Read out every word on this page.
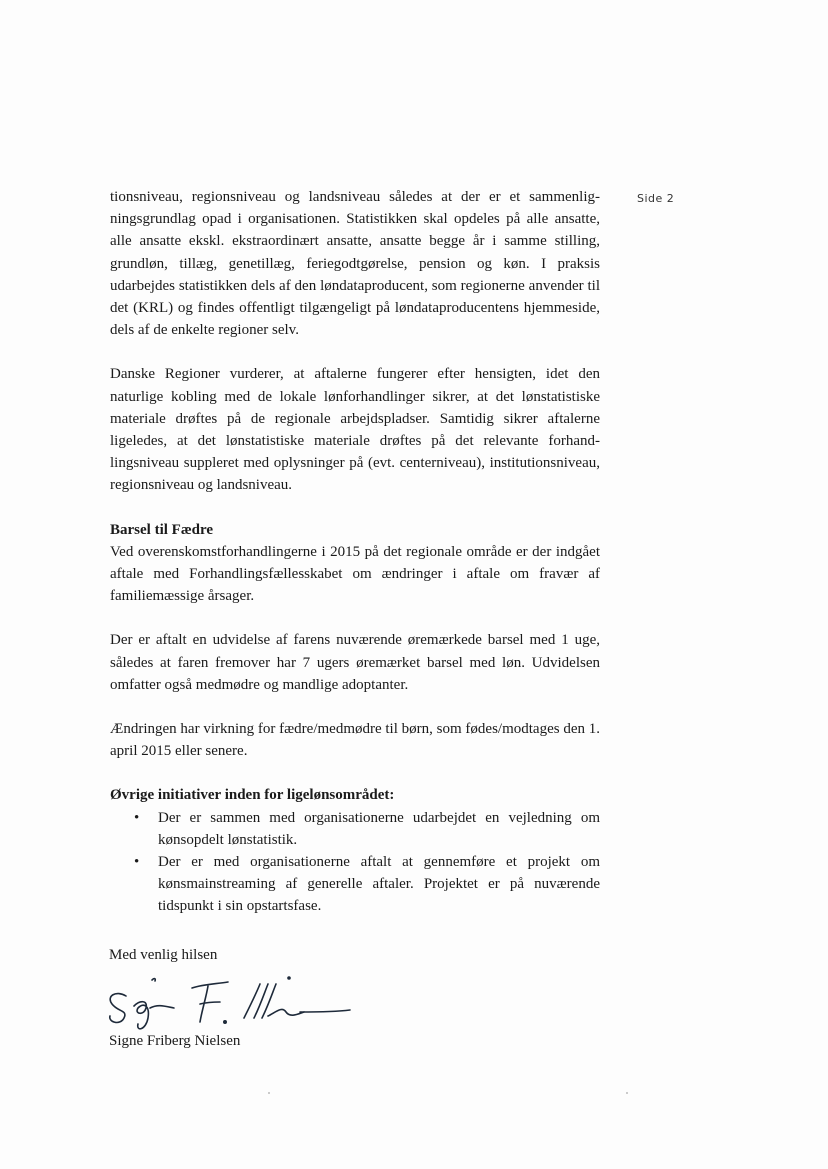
Side 2

tionsniveau, regionsniveau og landsniveau således at der er et sammenligningsgrundlag opad i organisationen. Statistikken skal opdeles på alle ansatte, alle ansatte ekskl. ekstraordinært ansatte, ansatte begge år i samme stilling, grundløn, tillæg, genetillæg, feriegodtgørelse, pension og køn. I praksis udarbejdes statistikken dels af den løndataproducent, som regionerne anvender til det (KRL) og findes offentligt tilgængeligt på løndataproducentens hjemmeside, dels af de enkelte regioner selv.

Danske Regioner vurderer, at aftalerne fungerer efter hensigten, idet den naturlige kobling med de lokale lønforhandlinger sikrer, at det lønstatistiske materiale drøftes på de regionale arbejdspladser. Samtidig sikrer aftalerne ligeledes, at det lønstatistiske materiale drøftes på det relevante forhandlingsniveau suppleret med oplysninger på (evt. centerniveau), institutionsniveau, regionsniveau og landsniveau.

Barsel til Fædre

Ved overenskomstforhandlingerne i 2015 på det regionale område er der indgået aftale med Forhandlingsfællesskabet om ændringer i aftale om fravær af familiemæssige årsager.

Der er aftalt en udvidelse af farens nuværende øremærkede barsel med 1 uge, således at faren fremover har 7 ugers øremærket barsel med løn. Udvidelsen omfatter også medmødre og mandlige adoptanter.

Ændringen har virkning for fædre/medmødre til børn, som fødes/modtages den 1. april 2015 eller senere.

Øvrige initiativer inden for ligelønsområdet:

• Der er sammen med organisationerne udarbejdet en vejledning om kønsopdelt lønstatistik.
• Der er med organisationerne aftalt at gennemføre et projekt om kønsmainstreaming af generelle aftaler. Projektet er på nuværende tidspunkt i sin opstartsfase.
Med venlig hilsen
Signe Friberg Nielsen
